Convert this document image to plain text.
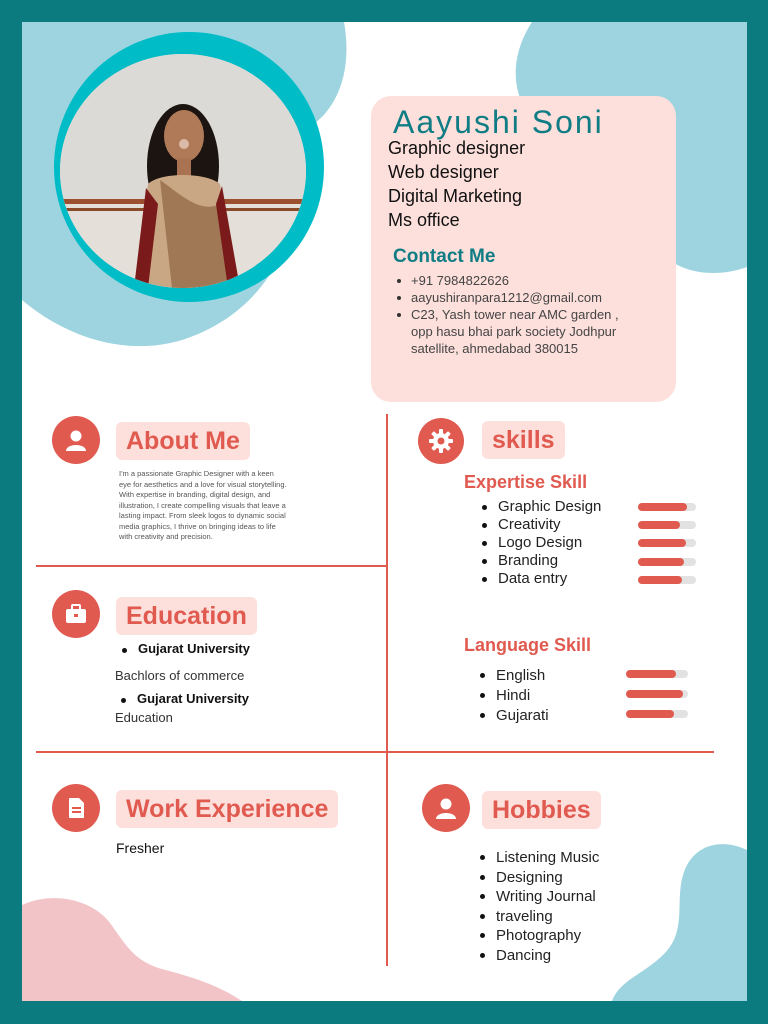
Aayushi Soni
Graphic designer
Web designer
Digital Marketing
Ms office
Contact Me
+91 7984822626
aayushiranpara1212@gmail.com
C23, Yash tower near AMC garden , opp hasu bhai park society Jodhpur satellite, ahmedabad 380015
About Me
I'm a passionate Graphic Designer with a keen eye for aesthetics and a love for visual storytelling. With expertise in branding, digital design, and illustration, I create compelling visuals that leave a lasting impact. From sleek logos to dynamic social media graphics, I thrive on bringing ideas to life with creativity and precision.
Education
Gujarat University
Bachlors of commerce
Gujarat University
Education
Work Experience
Fresher
skills
Expertise Skill
Graphic Design
Creativity
Logo Design
Branding
Data entry
Language Skill
English
Hindi
Gujarati
Hobbies
Listening Music
Designing
Writing Journal
traveling
Photography
Dancing
